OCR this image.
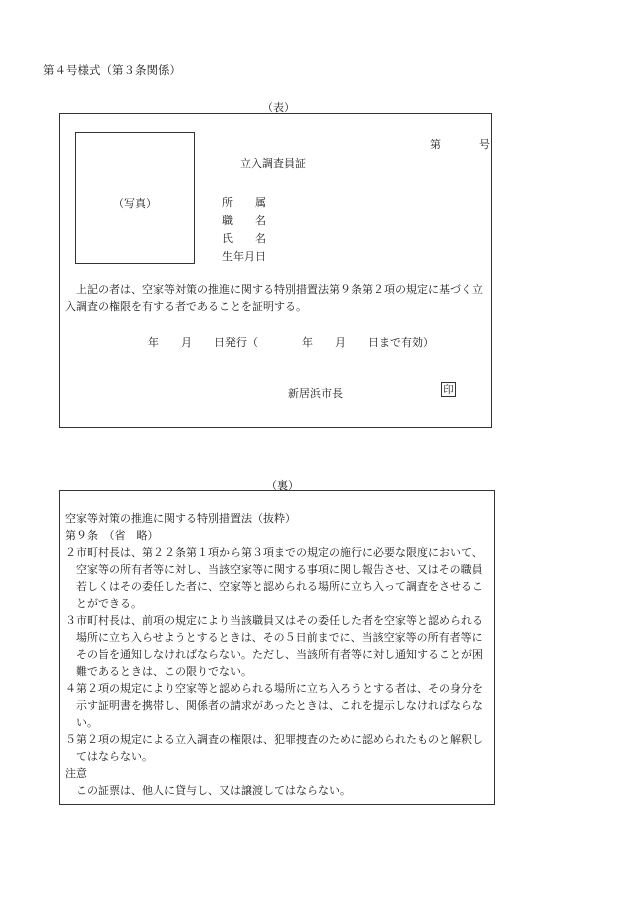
第４号様式（第３条関係）
（表）
（写真）
第	号
立入調査員証
所　　属
職　　名
氏　　名
生年月日
上記の者は、空家等対策の推進に関する特別措置法第９条第２項の規定に基づく立入調査の権限を有する者であることを証明する。
年　　月　　日発行（　　　　年　　月　　日まで有効）
新居浜市長	印
（裏）
空家等対策の推進に関する特別措置法（抜粋）
第９条　（省　略）
２市町村長は、第２２条第１項から第３項までの規定の施行に必要な限度において、空家等の所有者等に対し、当該空家等に関する事項に関し報告させ、又はその職員若しくはその委任した者に、空家等と認められる場所に立ち入って調査をさせることができる。
３市町村長は、前項の規定により当該職員又はその委任した者を空家等と認められる場所に立ち入らせようとするときは、その５日前までに、当該空家等の所有者等にその旨を通知しなければならない。ただし、当該所有者等に対し通知することが困難であるときは、この限りでない。
４第２項の規定により空家等と認められる場所に立ち入ろうとする者は、その身分を示す証明書を携帯し、関係者の請求があったときは、これを提示しなければならない。
５第２項の規定による立入調査の権限は、犯罪捜査のために認められたものと解釈してはならない。
注意
この証票は、他人に貸与し、又は譲渡してはならない。
